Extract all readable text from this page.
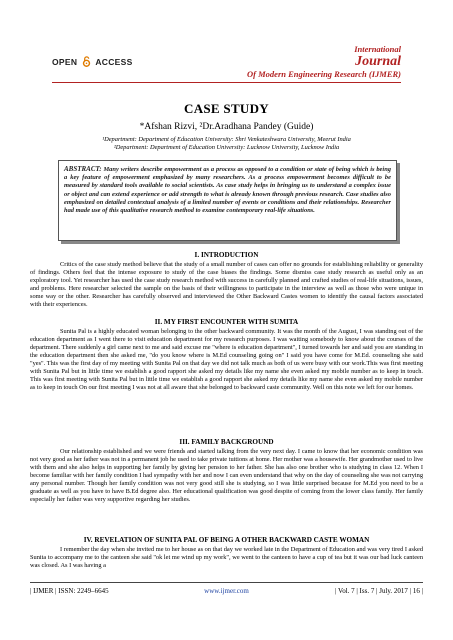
OPEN ACCESS
International
Journal
Of Modern Engineering Research (IJMER)
CASE STUDY
*Afshan Rizvi, ²Dr.Aradhana Pandey (Guide)
¹Department: Department of Education University: Shri Venkateshwara University, Meerut India
²Department: Department of Education University: Lucknow University, Lucknow India
ABSTRACT: Many writers describe empowerment as a process as opposed to a condition or state of being which is being a key feature of empowerment emphasized by many researchers. As a process empowerment becomes difficult to be measured by standard tools available to social scientists. As case study helps in bringing us to understand a complex issue or object and can extend experience or add strength to what is already known through previous research. Case studies also emphasized on detailed contextual analysis of a limited number of events or conditions and their relationships. Researcher had made use of this qualitative research method to examine contemporary real-life situations.
I. INTRODUCTION
Critics of the case study method believe that the study of a small number of cases can offer no grounds for establishing reliability or generality of findings. Others feel that the intense exposure to study of the case biases the findings. Some dismiss case study research as useful only as an exploratory tool. Yet researcher has used the case study research method with success in carefully planned and crafted studies of real-life situations, issues, and problems. Here researcher selected the sample on the basis of their willingness to participate in the interview as well as those who were unique in some way or the other. Researcher has carefully observed and interviewed the Other Backward Castes women to identify the causal factors associated with their experiences.
II. MY FIRST ENCOUNTER WITH SUMITA
Sunita Pal is a highly educated woman belonging to the other backward community. It was the month of the August, I was standing out of the education department as I went there to visit education department for my research purposes. I was waiting somebody to know about the courses of the department. There suddenly a girl came next to me and said excuse me "where is education department", I turned towards her and said you are standing in the education department then she asked me, "do you know where is M.Ed counseling going on" I said you have come for M.Ed. counseling she said "yes". This was the first day of my meeting with Sunita Pal on that day we did not talk much as both of us were busy with our work.This was first meeting with Sunita Pal but in little time we establish a good rapport she asked my details like my name she even asked my mobile number as to keep in touch. This was first meeting with Sunita Pal but in little time we establish a good rapport she asked my details like my name she even asked my mobile number as to keep in touch On our first meeting I was not at all aware that she belonged to backward caste community. Well on this note we left for our homes.
III. FAMILY BACKGROUND
Our relationship established and we were friends and started talking from the very next day. I came to know that her economic condition was not very good as her father was not in a permanent job he used to take private tuitions at home. Her mother was a housewife. Her grandmother used to live with them and she also helps in supporting her family by giving her pension to her father. She has also one brother who is studying in class 12. When I become familiar with her family condition I had sympathy with her and now I can even understand that why on the day of counseling she was not carrying any personal number. Though her family condition was not very good still she is studying, so I was little surprised because for M.Ed you need to be a graduate as well as you have to have B.Ed degree also. Her educational qualification was good despite of coming from the lower class family. Her family especially her father was very supportive regarding her studies.
IV. REVELATION OF SUNITA PAL OF BEING A OTHER BACKWARD CASTE WOMAN
I remember the day when she invited me to her house as on that day we worked late in the Department of Education and was very tired I asked Sunita to accompany me to the canteen she said "ok let me wind up my work", we went to the canteen to have a cup of tea but it was our bad luck canteen was closed. As I was having a
| IJMER | ISSN: 2249–6645	www.ijmer.com	| Vol. 7 | Iss. 7 | July. 2017 | 16 |
